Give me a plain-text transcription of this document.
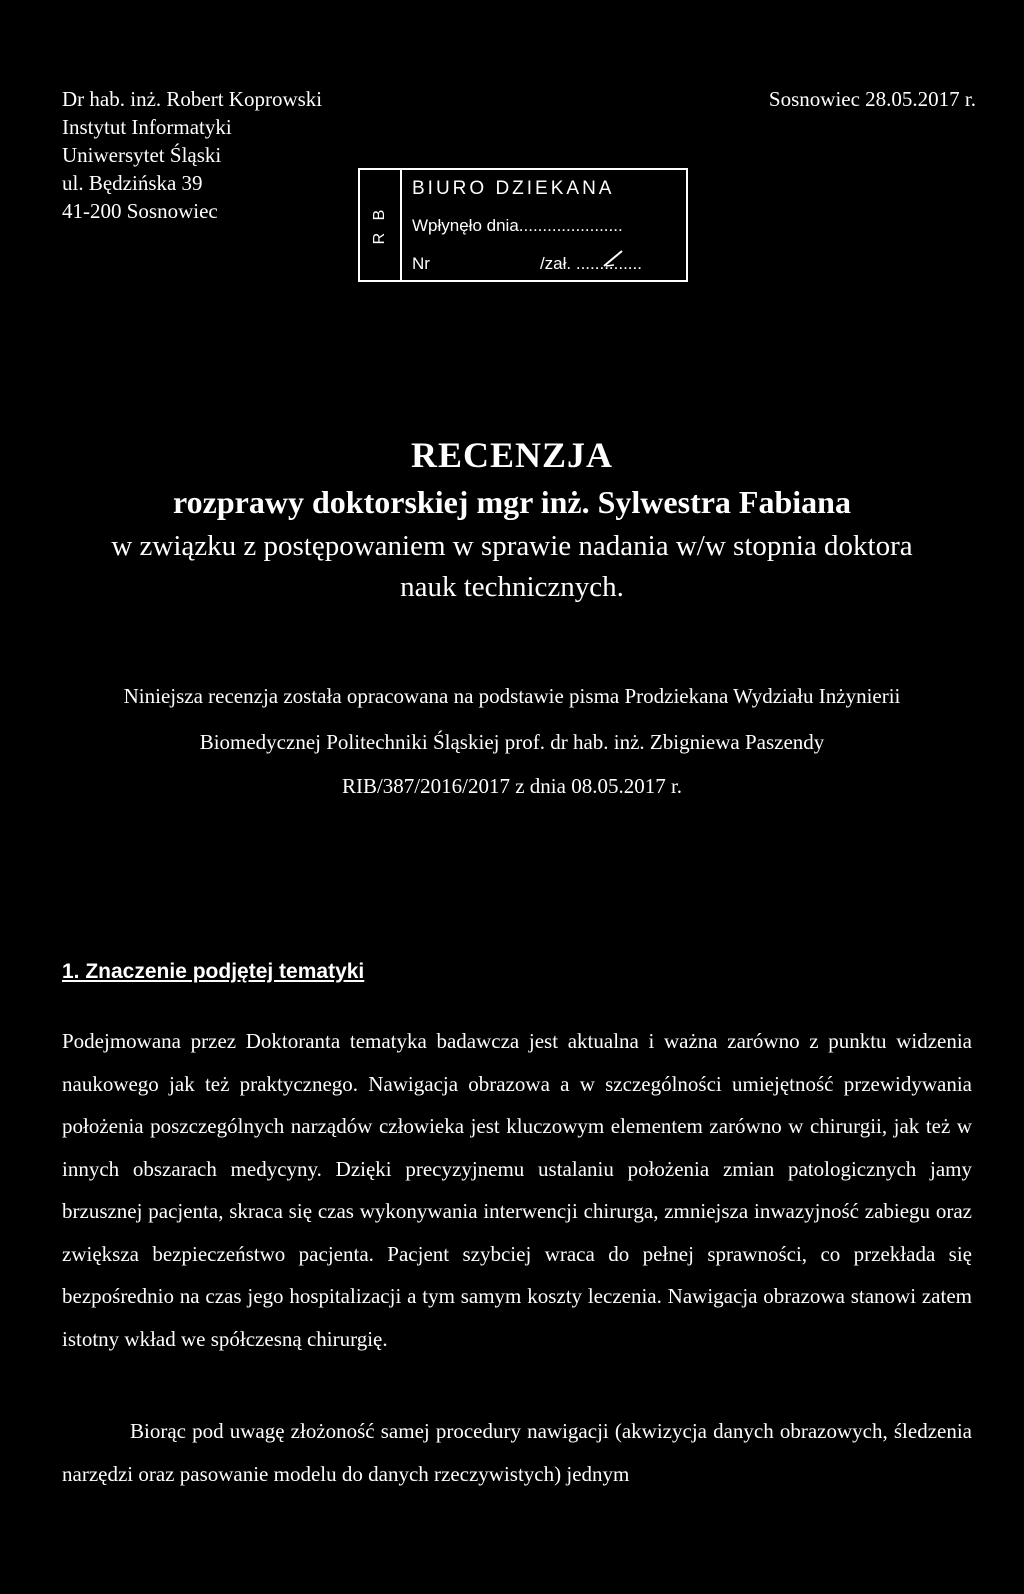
Dr hab. inż. Robert Koprowski
Instytut Informatyki
Uniwersytet Śląski
ul. Będzińska 39
41-200 Sosnowiec
Sosnowiec 28.05.2017 r.
R B
BIURO DZIEKANA
Wpłynęło dnia......................
Nr	/zał. ..............
RECENZJA
rozprawy doktorskiej mgr inż. Sylwestra Fabiana
w związku z postępowaniem w sprawie nadania w/w stopnia doktora
nauk technicznych.
Niniejsza recenzja została opracowana na podstawie pisma Prodziekana Wydziału Inżynierii
Biomedycznej Politechniki Śląskiej prof. dr hab. inż. Zbigniewa Paszendy
RIB/387/2016/2017 z dnia 08.05.2017 r.
1. Znaczenie podjętej tematyki
Podejmowana przez Doktoranta tematyka badawcza jest aktualna i ważna zarówno z punktu widzenia naukowego jak też praktycznego. Nawigacja obrazowa a w szczególności umiejętność przewidywania położenia poszczególnych narządów człowieka jest kluczowym elementem zarówno w chirurgii, jak też w innych obszarach medycyny. Dzięki precyzyjnemu ustalaniu położenia zmian patologicznych jamy brzusznej pacjenta, skraca się czas wykonywania interwencji chirurga, zmniejsza inwazyjność zabiegu oraz zwiększa bezpieczeństwo pacjenta. Pacjent szybciej wraca do pełnej sprawności, co przekłada się bezpośrednio na czas jego hospitalizacji a tym samym koszty leczenia. Nawigacja obrazowa stanowi zatem istotny wkład we spółczesną chirurgię.
Biorąc pod uwagę złożoność samej procedury nawigacji (akwizycja danych obrazowych, śledzenia narzędzi oraz pasowanie modelu do danych rzeczywistych) jednym
